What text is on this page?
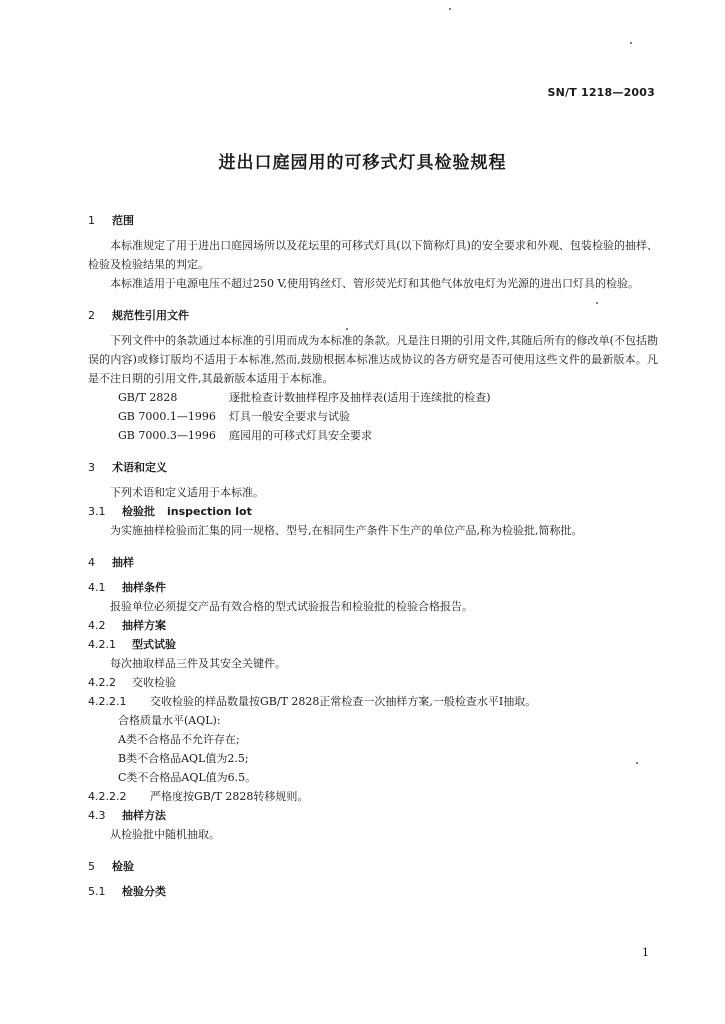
SN/T 1218—2003
进出口庭园用的可移式灯具检验规程
1 范围
本标准规定了用于进出口庭园场所以及花坛里的可移式灯具(以下简称灯具)的安全要求和外观、包装检验的抽样、检验及检验结果的判定。
本标准适用于电源电压不超过250 V,使用钨丝灯、管形荧光灯和其他气体放电灯为光源的进出口灯具的检验。
2 规范性引用文件
下列文件中的条款通过本标准的引用而成为本标准的条款。凡是注日期的引用文件,其随后所有的修改单(不包括勘误的内容)或修订版均不适用于本标准,然而,鼓励根据本标准达成协议的各方研究是否可使用这些文件的最新版本。凡是不注日期的引用文件,其最新版本适用于本标准。
GB/T 2828	逐批检查计数抽样程序及抽样表(适用于连续批的检查)
GB 7000.1—1996 灯具一般安全要求与试验
GB 7000.3—1996 庭园用的可移式灯具安全要求
3 术语和定义
下列术语和定义适用于本标准。
3.1 检验批 inspection lot
为实施抽样检验而汇集的同一规格、型号,在相同生产条件下生产的单位产品,称为检验批,简称批。
4 抽样
4.1 抽样条件
报验单位必须提交产品有效合格的型式试验报告和检验批的检验合格报告。
4.2 抽样方案
4.2.1 型式试验
每次抽取样品三件及其安全关键件。
4.2.2 交收检验
4.2.2.1 交收检验的样品数量按GB/T 2828正常检查一次抽样方案,一般检查水平Ⅰ抽取。
合格质量水平(AQL):
A类不合格品不允许存在;
B类不合格品AQL值为2.5;
C类不合格品AQL值为6.5。
4.2.2.2 严格度按GB/T 2828转移规则。
4.3 抽样方法
从检验批中随机抽取。
5 检验
5.1 检验分类
1
